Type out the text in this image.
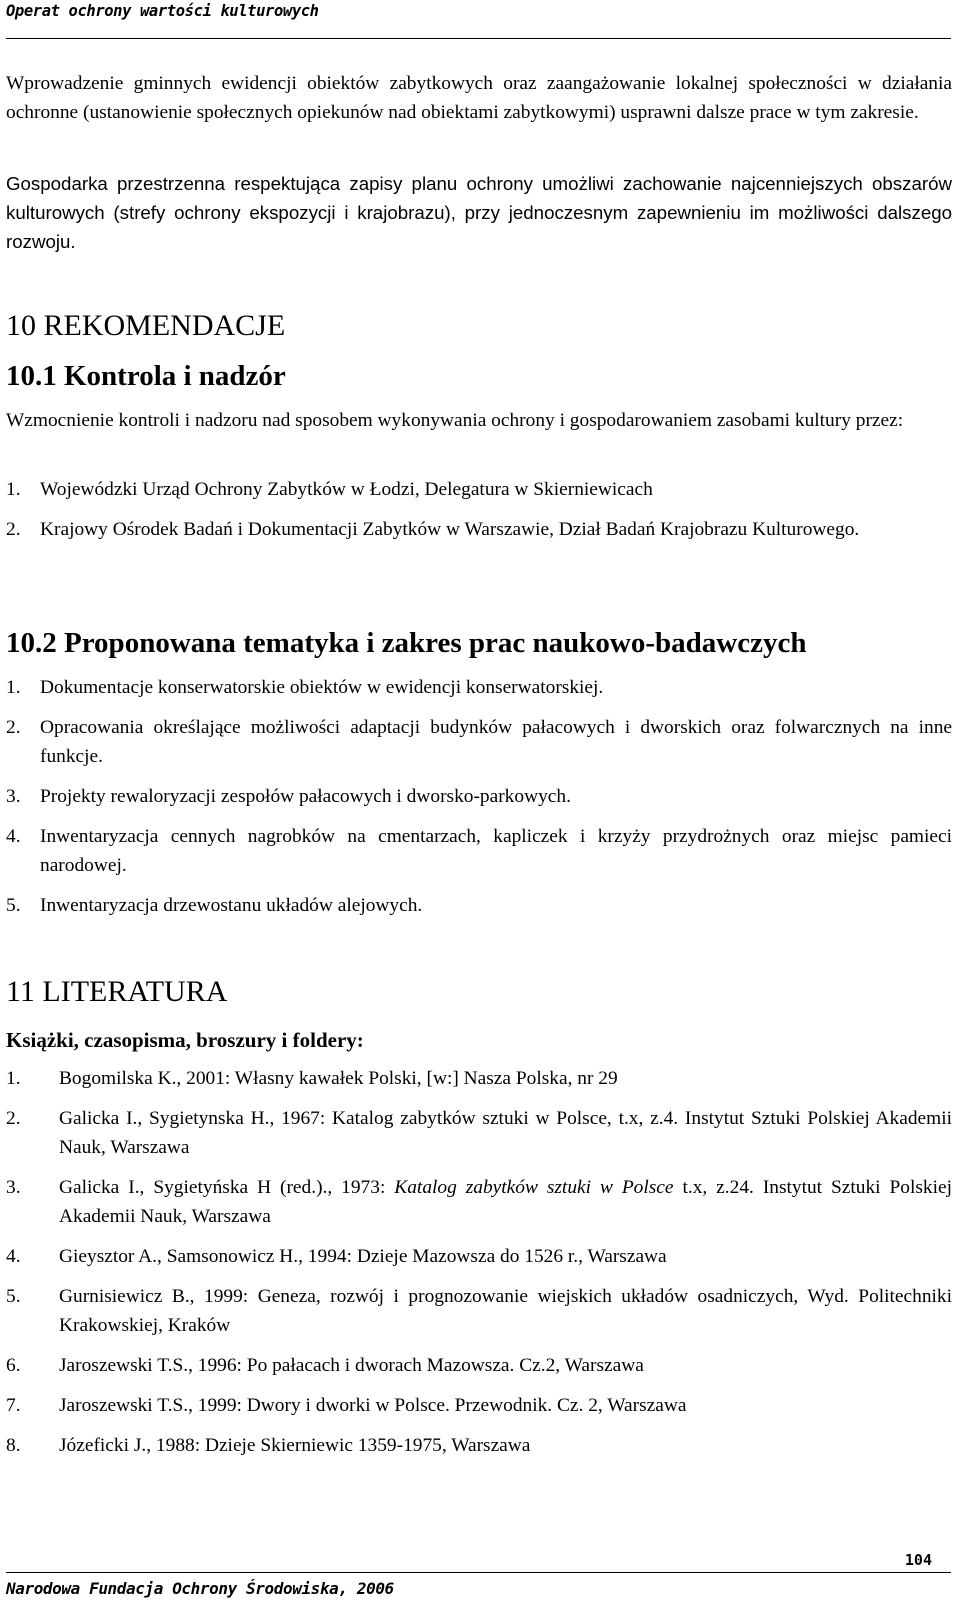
Operat ochrony wartości kulturowych

Wprowadzenie gminnych ewidencji obiektów zabytkowych oraz zaangażowanie lokalnej społeczności w działania ochronne (ustanowienie społecznych opiekunów nad obiektami zabytkowymi) usprawni dalsze prace w tym zakresie.

Gospodarka przestrzenna respektująca zapisy planu ochrony umożliwi zachowanie najcenniejszych obszarów kulturowych (strefy ochrony ekspozycji i krajobrazu), przy jednoczesnym zapewnieniu im możliwości dalszego rozwoju.

10 REKOMENDACJE
10.1 Kontrola i nadzór

Wzmocnienie kontroli i nadzoru nad sposobem wykonywania ochrony i gospodarowaniem zasobami kultury przez:

1.	Wojewódzki Urząd Ochrony Zabytków w Łodzi, Delegatura w Skierniewicach
2.	Krajowy Ośrodek Badań i Dokumentacji Zabytków w Warszawie, Dział Badań Krajobrazu Kulturowego.
10.2 Proponowana tematyka i zakres prac naukowo-badawczych
1.	Dokumentacje konserwatorskie obiektów w ewidencji konserwatorskiej.
2.	Opracowania określające możliwości adaptacji budynków pałacowych i dworskich oraz folwarcznych na inne funkcje.
3.	Projekty rewaloryzacji zespołów pałacowych i dworsko-parkowych.
4.	Inwentaryzacja cennych nagrobków na cmentarzach, kapliczek i krzyży przydrożnych oraz miejsc pamieci narodowej.
5.	Inwentaryzacja drzewostanu układów alejowych.
11 LITERATURA
Książki, czasopisma, broszury i foldery:
1.	Bogomilska K., 2001: Własny kawałek Polski, [w:] Nasza Polska, nr 29
2.	Galicka I., Sygietynska H., 1967: Katalog zabytków sztuki w Polsce, t.x, z.4. Instytut Sztuki Polskiej Akademii Nauk, Warszawa
3.	Galicka I., Sygietyńska H (red.)., 1973: Katalog zabytków sztuki w Polsce t.x, z.24. Instytut Sztuki Polskiej Akademii Nauk, Warszawa
4.	Gieysztor A., Samsonowicz H., 1994: Dzieje Mazowsza do 1526 r., Warszawa
5.	Gurnisiewicz B., 1999: Geneza, rozwój i prognozowanie wiejskich układów osadniczych, Wyd. Politechniki Krakowskiej, Kraków
6.	Jaroszewski T.S., 1996: Po pałacach i dworach Mazowsza. Cz.2, Warszawa
7.	Jaroszewski T.S., 1999: Dwory i dworki w Polsce. Przewodnik. Cz. 2, Warszawa
8.	Józeficki J., 1988: Dzieje Skierniewic 1359-1975, Warszawa
104
Narodowa Fundacja Ochrony Środowiska, 2006
